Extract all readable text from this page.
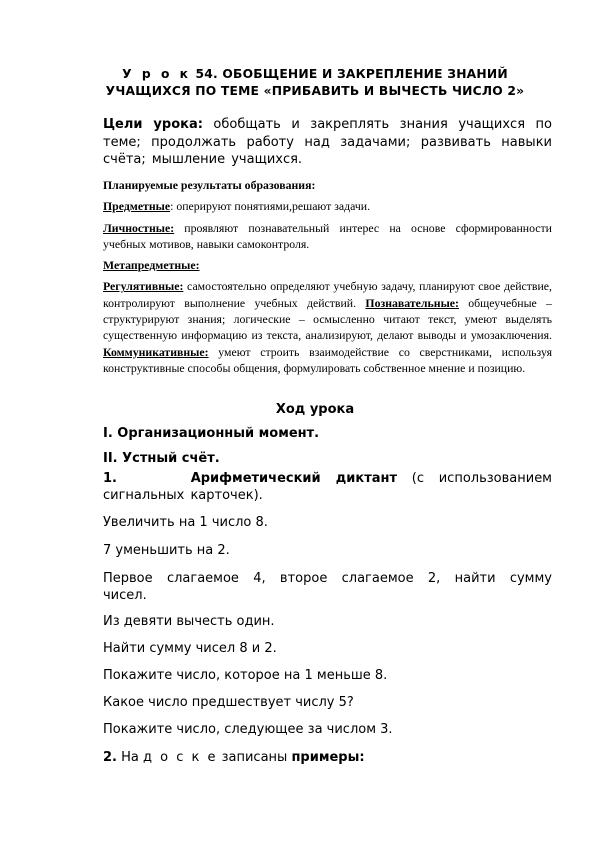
У р о к 54. ОБОБЩЕНИЕ И ЗАКРЕПЛЕНИЕ ЗНАНИЙ УЧАЩИХСЯ ПО ТЕМЕ «ПРИБАВИТЬ И ВЫЧЕСТЬ ЧИСЛО 2»
Цели урока: обобщать и закреплять знания учащихся по теме; продолжать работу над задачами; развивать навыки счёта; мышление учащихся.

Планируемые результаты образования:

Предметные: оперируют понятиями,решают задачи.

Личностные: проявляют познавательный интерес на основе сформированности учебных мотивов, навыки самоконтроля.

Метапредметные:

Регулятивные: самостоятельно определяют учебную задачу, планируют свое действие, контролируют выполнение учебных действий. Познавательные: общеучебные – структурируют знания; логические – осмысленно читают текст, умеют выделять существенную информацию из текста, анализируют, делают выводы и умозаключения. Коммуникативные: умеют строить взаимодействие со сверстниками, используя конструктивные способы общения, формулировать собственное мнение и позицию.

Ход урока
I. Организационный момент.
II. Устный счёт.
1.	Арифметический диктант (с использованием сигнальных карточек).
Увеличить на 1 число 8.
7 уменьшить на 2.
Первое слагаемое 4, второе слагаемое 2, найти сумму чисел.
Из девяти вычесть один.
Найти сумму чисел 8 и 2.
Покажите число, которое на 1 меньше 8.
Какое число предшествует числу 5?
Покажите число, следующее за числом 3.
2. На д о с к е записаны примеры:
